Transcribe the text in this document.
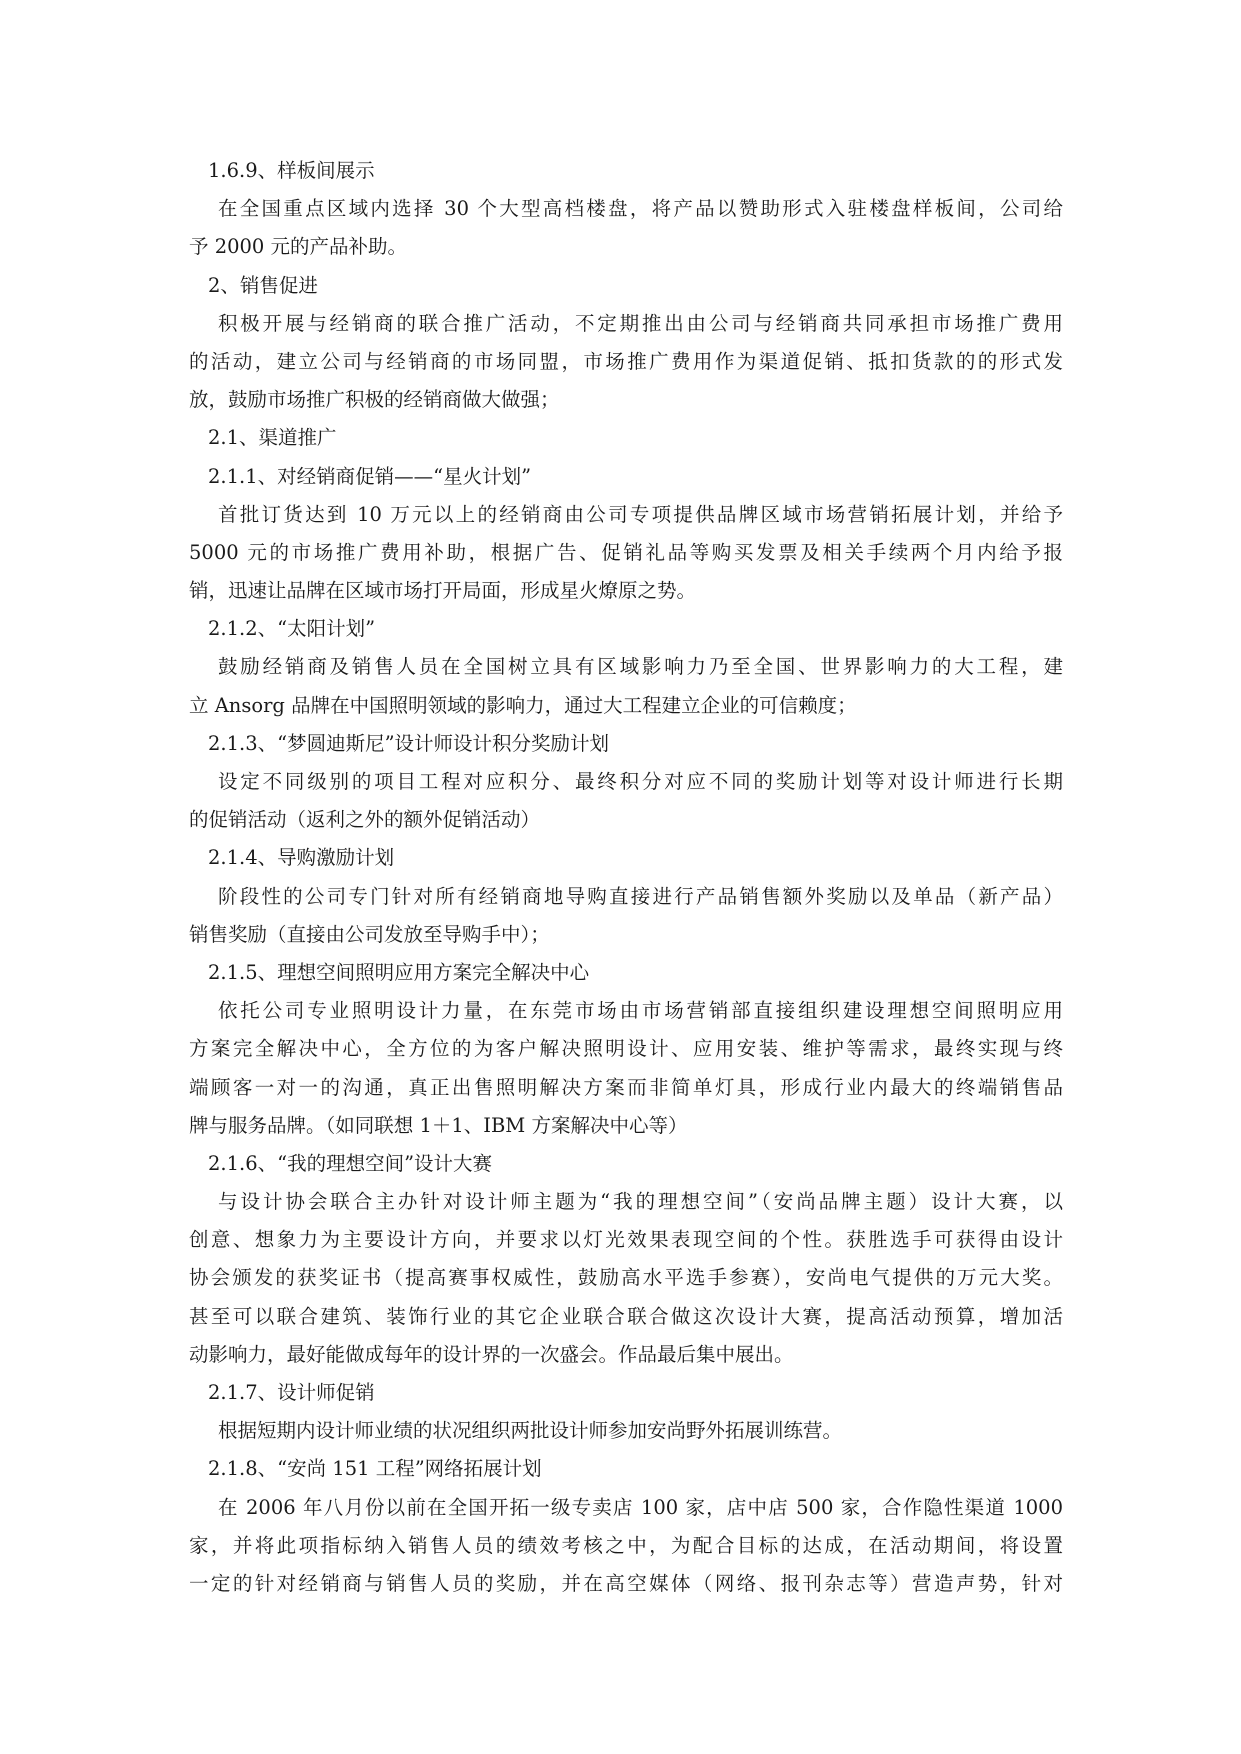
1.6.9、样板间展示

在全国重点区域内选择 30 个大型高档楼盘，将产品以赞助形式入驻楼盘样板间，公司给
予 2000 元的产品补助。

2、销售促进

积极开展与经销商的联合推广活动，不定期推出由公司与经销商共同承担市场推广费用
的活动，建立公司与经销商的市场同盟，市场推广费用作为渠道促销、抵扣货款的的形式发
放，鼓励市场推广积极的经销商做大做强；

2.1、渠道推广
2.1.1、对经销商促销——“星火计划”

首批订货达到 10 万元以上的经销商由公司专项提供品牌区域市场营销拓展计划，并给予
5000 元的市场推广费用补助，根据广告、促销礼品等购买发票及相关手续两个月内给予报
销，迅速让品牌在区域市场打开局面，形成星火燎原之势。

2.1.2、“太阳计划”

鼓励经销商及销售人员在全国树立具有区域影响力乃至全国、世界影响力的大工程，建
立 Ansorg 品牌在中国照明领域的影响力，通过大工程建立企业的可信赖度；

2.1.3、“梦圆迪斯尼”设计师设计积分奖励计划

设定不同级别的项目工程对应积分、最终积分对应不同的奖励计划等对设计师进行长期
的促销活动（返利之外的额外促销活动）

2.1.4、导购激励计划

阶段性的公司专门针对所有经销商地导购直接进行产品销售额外奖励以及单品（新产品）
销售奖励（直接由公司发放至导购手中）；

2.1.5、理想空间照明应用方案完全解决中心

依托公司专业照明设计力量，在东莞市场由市场营销部直接组织建设理想空间照明应用
方案完全解决中心，全方位的为客户解决照明设计、应用安装、维护等需求，最终实现与终
端顾客一对一的沟通，真正出售照明解决方案而非简单灯具，形成行业内最大的终端销售品
牌与服务品牌。（如同联想 1＋1、IBM 方案解决中心等）

2.1.6、“我的理想空间”设计大赛

与设计协会联合主办针对设计师主题为“我的理想空间”（安尚品牌主题）设计大赛，以
创意、想象力为主要设计方向，并要求以灯光效果表现空间的个性。获胜选手可获得由设计
协会颁发的获奖证书（提高赛事权威性，鼓励高水平选手参赛），安尚电气提供的万元大奖。
甚至可以联合建筑、装饰行业的其它企业联合联合做这次设计大赛，提高活动预算，增加活
动影响力，最好能做成每年的设计界的一次盛会。作品最后集中展出。

2.1.7、设计师促销

根据短期内设计师业绩的状况组织两批设计师参加安尚野外拓展训练营。

2.1.8、“安尚 151 工程”网络拓展计划

在 2006 年八月份以前在全国开拓一级专卖店 100 家，店中店 500 家，合作隐性渠道 1000
家，并将此项指标纳入销售人员的绩效考核之中，为配合目标的达成，在活动期间，将设置
一定的针对经销商与销售人员的奖励，并在高空媒体（网络、报刊杂志等）营造声势，针对
